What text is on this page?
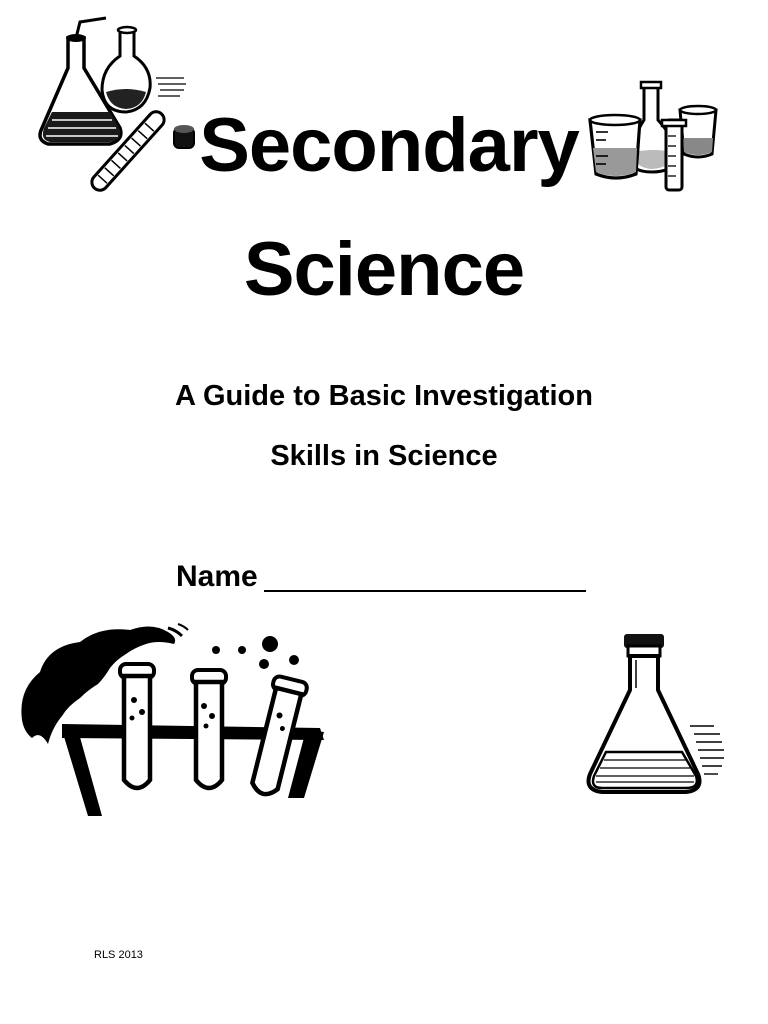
Secondary
Science
A Guide to Basic Investigation
Skills in Science
Name
RLS 2013
